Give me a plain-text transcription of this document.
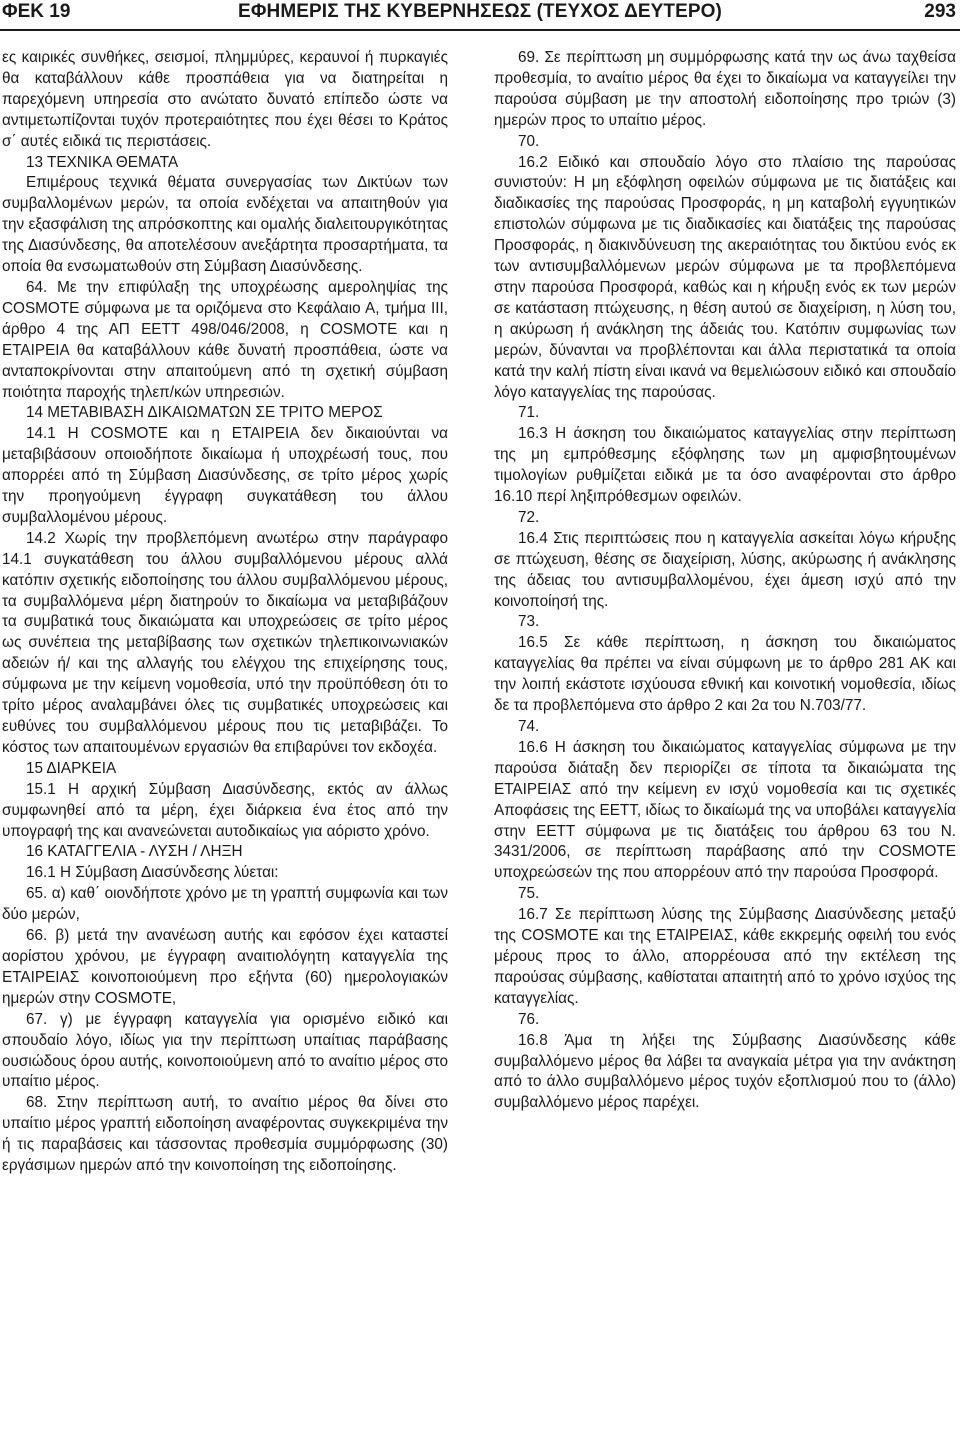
ΕΦΗΜΕΡΙΣ ΤΗΣ ΚΥΒΕΡΝΗΣΕΩΣ (ΤΕΥΧΟΣ ΔΕΥΤΕΡΟ)
ΦΕΚ 19	293

ες καιρικές συνθήκες, σεισμοί, πλημμύρες, κεραυνοί ή πυρκαγιές θα καταβάλλουν κάθε προσπάθεια για να διατηρείται η παρεχόμενη υπηρεσία στο ανώτατο δυνατό επίπεδο ώστε να αντιμετωπίζονται τυχόν προτεραιότητες που έχει θέσει το Κράτος σ΄ αυτές ειδικά τις περιστάσεις.

13 ΤΕΧΝΙΚΑ ΘΕΜΑΤΑ

Επιμέρους τεχνικά θέματα συνεργασίας των Δικτύων των συμβαλλομένων μερών, τα οποία ενδέχεται να απαιτηθούν για την εξασφάλιση της απρόσκοπτης και ομαλής διαλειτουργικότητας της Διασύνδεσης, θα αποτελέσουν ανεξάρτητα προσαρτήματα, τα οποία θα ενσωματωθούν στη Σύμβαση Διασύνδεσης.

64. Με την επιφύλαξη της υποχρέωσης αμεροληψίας της COSMOTE σύμφωνα με τα οριζόμενα στο Κεφάλαιο Α, τμήμα III, άρθρο 4 της ΑΠ ΕΕΤΤ 498/046/2008, η COSMOTE και η ΕΤΑΙΡΕΙΑ θα καταβάλλουν κάθε δυνατή προσπάθεια, ώστε να ανταποκρίνονται στην απαιτούμενη από τη σχετική σύμβαση ποιότητα παροχής τηλεπ/κών υπηρεσιών.

14 ΜΕΤΑΒΙΒΑΣΗ ΔΙΚΑΙΩΜΑΤΩΝ ΣΕ ΤΡΙΤΟ ΜΕΡΟΣ

14.1 Η COSMOTE και η ΕΤΑΙΡΕΙΑ δεν δικαιούνται να μεταβιβάσουν οποιοδήποτε δικαίωμα ή υποχρέωσή τους, που απορρέει από τη Σύμβαση Διασύνδεσης, σε τρίτο μέρος χωρίς την προηγούμενη έγγραφη συγκατάθεση του άλλου συμβαλλομένου μέρους.

14.2 Χωρίς την προβλεπόμενη ανωτέρω στην παράγραφο 14.1 συγκατάθεση του άλλου συμβαλλόμενου μέρους αλλά κατόπιν σχετικής ειδοποίησης του άλλου συμβαλλόμενου μέρους, τα συμβαλλόμενα μέρη διατηρούν το δικαίωμα να μεταβιβάζουν τα συμβατικά τους δικαιώματα και υποχρεώσεις σε τρίτο μέρος ως συνέπεια της μεταβίβασης των σχετικών τηλεπικοινωνιακών αδειών ή/ και της αλλαγής του ελέγχου της επιχείρησης τους, σύμφωνα με την κείμενη νομοθεσία, υπό την προϋπόθεση ότι το τρίτο μέρος αναλαμβάνει όλες τις συμβατικές υποχρεώσεις και ευθύνες του συμβαλλόμενου μέρους που τις μεταβιβάζει. Το κόστος των απαιτουμένων εργασιών θα επιβαρύνει τον εκδοχέα.

15 ΔΙΑΡΚΕΙΑ

15.1 Η αρχική Σύμβαση Διασύνδεσης, εκτός αν άλλως συμφωνηθεί από τα μέρη, έχει διάρκεια ένα έτος από την υπογραφή της και ανανεώνεται αυτοδικαίως για αόριστο χρόνο.

16 ΚΑΤΑΓΓΕΛΙΑ - ΛΥΣΗ / ΛΗΞΗ

16.1 Η Σύμβαση Διασύνδεσης λύεται:

65. α) καθ΄ οιονδήποτε χρόνο με τη γραπτή συμφωνία και των δύο μερών,

66. β) μετά την ανανέωση αυτής και εφόσον έχει καταστεί αορίστου χρόνου, με έγγραφη αναιτιολόγητη καταγγελία της ΕΤΑΙΡΕΙΑΣ κοινοποιούμενη προ εξήντα (60) ημερολογιακών ημερών στην COSMOTE,

67. γ) με έγγραφη καταγγελία για ορισμένο ειδικό και σπουδαίο λόγο, ιδίως για την περίπτωση υπαίτιας παράβασης ουσιώδους όρου αυτής, κοινοποιούμενη από το αναίτιο μέρος στο υπαίτιο μέρος.

68. Στην περίπτωση αυτή, το αναίτιο μέρος θα δίνει στο υπαίτιο μέρος γραπτή ειδοποίηση αναφέροντας συγκεκριμένα την ή τις παραβάσεις και τάσσοντας προθεσμία συμμόρφωσης (30) εργάσιμων ημερών από την κοινοποίηση της ειδοποίησης.

69. Σε περίπτωση μη συμμόρφωσης κατά την ως άνω ταχθείσα προθεσμία, το αναίτιο μέρος θα έχει το δικαίωμα να καταγγείλει την παρούσα σύμβαση με την αποστολή ειδοποίησης προ τριών (3) ημερών προς το υπαίτιο μέρος.

70.

16.2 Ειδικό και σπουδαίο λόγο στο πλαίσιο της παρούσας συνιστούν: Η μη εξόφληση οφειλών σύμφωνα με τις διατάξεις και διαδικασίες της παρούσας Προσφοράς, η μη καταβολή εγγυητικών επιστολών σύμφωνα με τις διαδικασίες και διατάξεις της παρούσας Προσφοράς, η διακινδύνευση της ακεραιότητας του δικτύου ενός εκ των αντισυμβαλλόμενων μερών σύμφωνα με τα προβλεπόμενα στην παρούσα Προσφορά, καθώς και η κήρυξη ενός εκ των μερών σε κατάσταση πτώχευσης, η θέση αυτού σε διαχείριση, η λύση του, η ακύρωση ή ανάκληση της άδειάς του. Κατόπιν συμφωνίας των μερών, δύνανται να προβλέπονται και άλλα περιστατικά τα οποία κατά την καλή πίστη είναι ικανά να θεμελιώσουν ειδικό και σπουδαίο λόγο καταγγελίας της παρούσας.

71.

16.3 Η άσκηση του δικαιώματος καταγγελίας στην περίπτωση της μη εμπρόθεσμης εξόφλησης των μη αμφισβητουμένων τιμολογίων ρυθμίζεται ειδικά με τα όσο αναφέρονται στο άρθρο 16.10 περί ληξιπρόθεσμων οφειλών.

72.

16.4 Στις περιπτώσεις που η καταγγελία ασκείται λόγω κήρυξης σε πτώχευση, θέσης σε διαχείριση, λύσης, ακύρωσης ή ανάκλησης της άδειας του αντισυμβαλλομένου, έχει άμεση ισχύ από την κοινοποίησή της.

73.

16.5 Σε κάθε περίπτωση, η άσκηση του δικαιώματος καταγγελίας θα πρέπει να είναι σύμφωνη με το άρθρο 281 ΑΚ και την λοιπή εκάστοτε ισχύουσα εθνική και κοινοτική νομοθεσία, ιδίως δε τα προβλεπόμενα στο άρθρο 2 και 2α του Ν.703/77.

74.

16.6 Η άσκηση του δικαιώματος καταγγελίας σύμφωνα με την παρούσα διάταξη δεν περιορίζει σε τίποτα τα δικαιώματα της ΕΤΑΙΡΕΙΑΣ από την κείμενη εν ισχύ νομοθεσία και τις σχετικές Αποφάσεις της ΕΕΤΤ, ιδίως το δικαίωμά της να υποβάλει καταγγελία στην ΕΕΤΤ σύμφωνα με τις διατάξεις του άρθρου 63 του Ν. 3431/2006, σε περίπτωση παράβασης από την COSMOTE υποχρεώσεών της που απορρέουν από την παρούσα Προσφορά.

75.

16.7 Σε περίπτωση λύσης της Σύμβασης Διασύνδεσης μεταξύ της COSMOTE και της ΕΤΑΙΡΕΙΑΣ, κάθε εκκρεμής οφειλή του ενός μέρους προς το άλλο, απορρέουσα από την εκτέλεση της παρούσας σύμβασης, καθίσταται απαιτητή από το χρόνο ισχύος της καταγγελίας.

76.

16.8 Άμα τη λήξει της Σύμβασης Διασύνδεσης κάθε συμβαλλόμενο μέρος θα λάβει τα αναγκαία μέτρα για την ανάκτηση από το άλλο συμβαλλόμενο μέρος τυχόν εξοπλισμού που το (άλλο) συμβαλλόμενο μέρος παρέχει.
